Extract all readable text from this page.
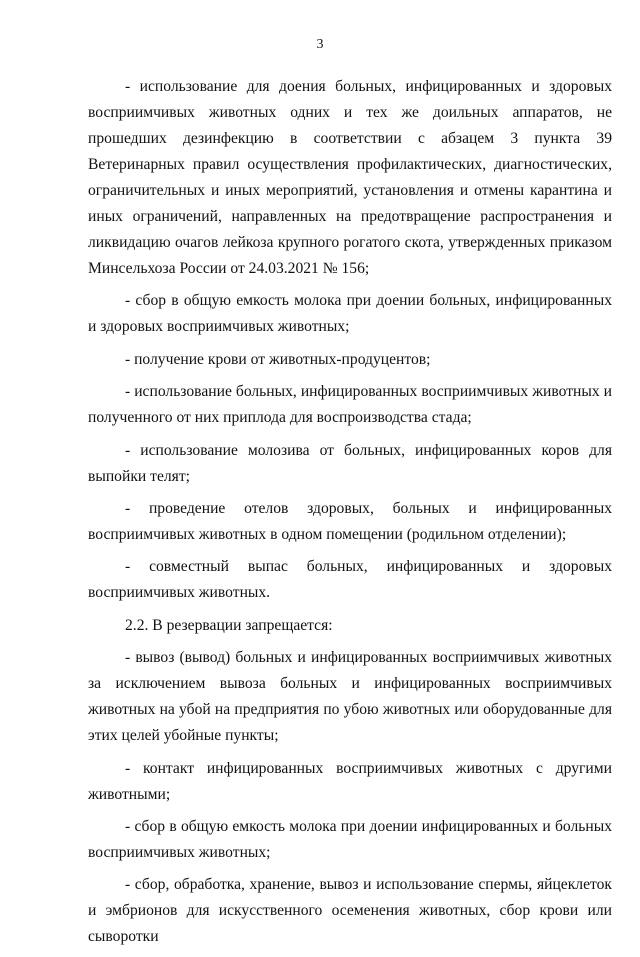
3

- использование для доения больных, инфицированных и здоровых восприимчивых животных одних и тех же доильных аппаратов, не прошедших дезинфекцию в соответствии с абзацем 3 пункта 39 Ветеринарных правил осуществления профилактических, диагностических, ограничительных и иных мероприятий, установления и отмены карантина и иных ограничений, направленных на предотвращение распространения и ликвидацию очагов лейкоза крупного рогатого скота, утвержденных приказом Минсельхоза России от 24.03.2021 № 156;

- сбор в общую емкость молока при доении больных, инфицированных и здоровых восприимчивых животных;

- получение крови от животных-продуцентов;

- использование больных, инфицированных восприимчивых животных и полученного от них приплода для воспроизводства стада;

- использование молозива от больных, инфицированных коров для выпойки телят;

- проведение отелов здоровых, больных и инфицированных восприимчивых животных в одном помещении (родильном отделении);

- совместный выпас больных, инфицированных и здоровых восприимчивых животных.

2.2. В резервации запрещается:

- вывоз (вывод) больных и инфицированных восприимчивых животных за исключением вывоза больных и инфицированных восприимчивых животных на убой на предприятия по убою животных или оборудованные для этих целей убойные пункты;

- контакт инфицированных восприимчивых животных с другими животными;

- сбор в общую емкость молока при доении инфицированных и больных восприимчивых животных;

- сбор, обработка, хранение, вывоз и использование спермы, яйцеклеток и эмбрионов для искусственного осеменения животных, сбор крови или сыворотки
